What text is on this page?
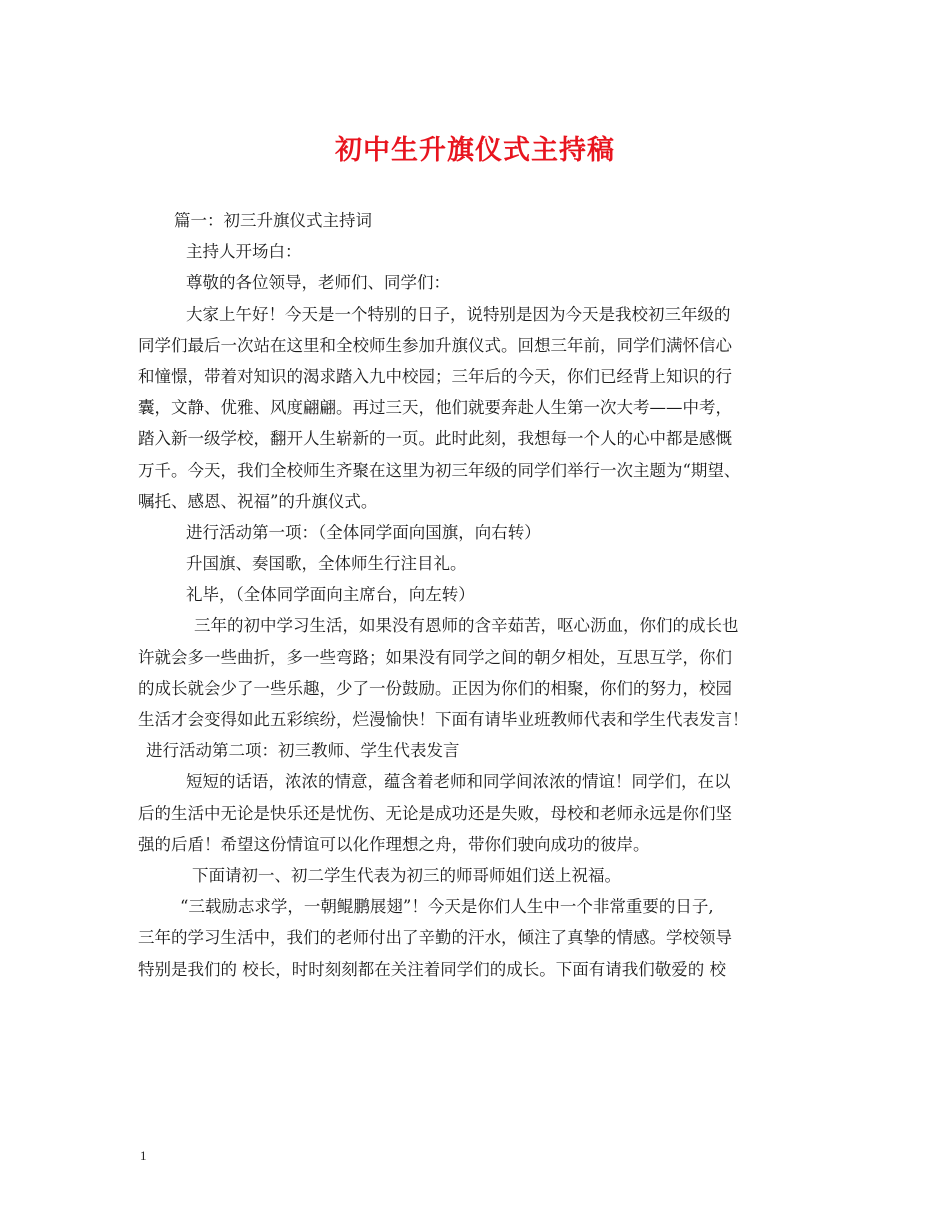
初中生升旗仪式主持稿
篇一：初三升旗仪式主持词
主持人开场白：
尊敬的各位领导，老师们、同学们：
大家上午好！今天是一个特别的日子，说特别是因为今天是我校初三年级的
同学们最后一次站在这里和全校师生参加升旗仪式。回想三年前，同学们满怀信心
和憧憬，带着对知识的渴求踏入九中校园；三年后的今天，你们已经背上知识的行
囊，文静、优雅、风度翩翩。再过三天，他们就要奔赴人生第一次大考——中考，
踏入新一级学校，翻开人生崭新的一页。此时此刻，我想每一个人的心中都是感慨
万千。今天，我们全校师生齐聚在这里为初三年级的同学们举行一次主题为“期望、
嘱托、感恩、祝福”的升旗仪式。
进行活动第一项：（全体同学面向国旗，向右转）
升国旗、奏国歌，全体师生行注目礼。
礼毕，（全体同学面向主席台，向左转）
三年的初中学习生活，如果没有恩师的含辛茹苦，呕心沥血，你们的成长也
许就会多一些曲折，多一些弯路；如果没有同学之间的朝夕相处，互思互学，你们
的成长就会少了一些乐趣，少了一份鼓励。正因为你们的相聚，你们的努力，校园
生活才会变得如此五彩缤纷，烂漫愉快！下面有请毕业班教师代表和学生代表发言！
进行活动第二项：初三教师、学生代表发言
短短的话语，浓浓的情意，蕴含着老师和同学间浓浓的情谊！同学们，在以
后的生活中无论是快乐还是忧伤、无论是成功还是失败，母校和老师永远是你们坚
强的后盾！希望这份情谊可以化作理想之舟，带你们驶向成功的彼岸。
下面请初一、初二学生代表为初三的师哥师姐们送上祝福。
“三载励志求学，一朝鲲鹏展翅”！今天是你们人生中一个非常重要的日子,
三年的学习生活中，我们的老师付出了辛勤的汗水，倾注了真挚的情感。学校领导
特别是我们的 校长，时时刻刻都在关注着同学们的成长。下面有请我们敬爱的 校
1
